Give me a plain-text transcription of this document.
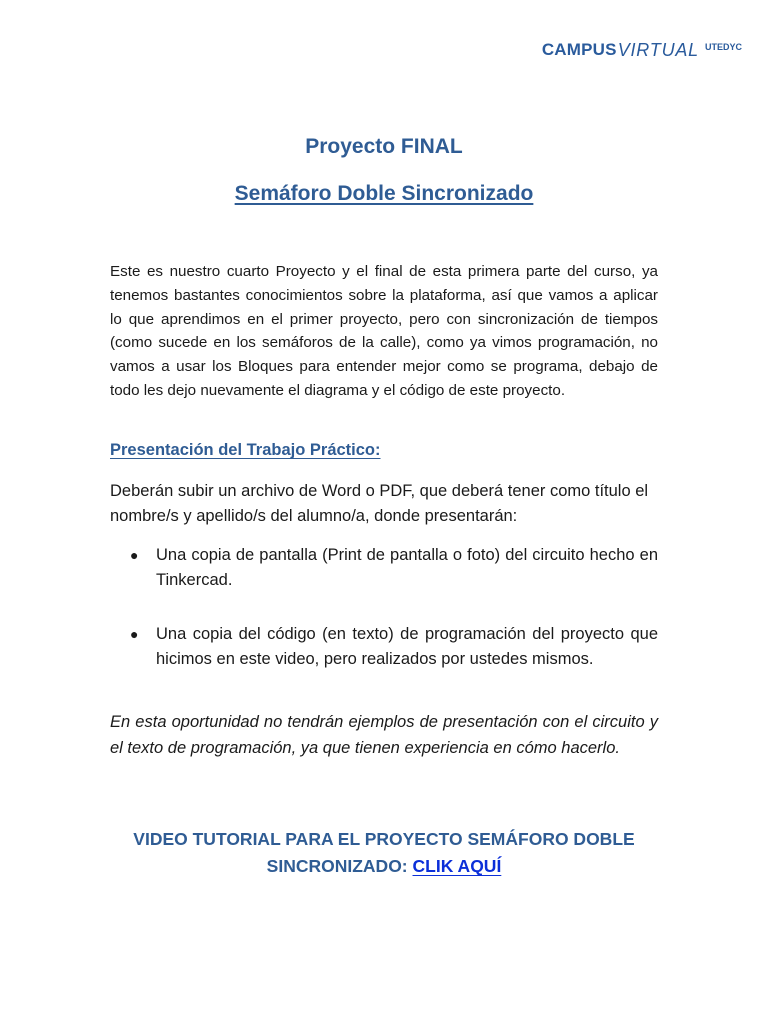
CAMPUS VIRTUAL UTEDYC
Proyecto FINAL
Semáforo Doble Sincronizado

Este es nuestro cuarto Proyecto y el final de esta primera parte del curso, ya tenemos bastantes conocimientos sobre la plataforma, así que vamos a aplicar lo que aprendimos en el primer proyecto, pero con sincronización de tiempos (como sucede en los semáforos de la calle), como ya vimos programación, no vamos a usar los Bloques para entender mejor como se programa, debajo de todo les dejo nuevamente el diagrama y el código de este proyecto.

Presentación del Trabajo Práctico:

Deberán subir un archivo de Word o PDF, que deberá tener como título el nombre/s y apellido/s del alumno/a, donde presentarán:

●	Una copia de pantalla (Print de pantalla o foto) del circuito hecho en Tinkercad.
●	Una copia del código (en texto) de programación del proyecto que hicimos en este video, pero realizados por ustedes mismos.

En esta oportunidad no tendrán ejemplos de presentación con el circuito y el texto de programación, ya que tienen experiencia en cómo hacerlo.

VIDEO TUTORIAL PARA EL PROYECTO SEMÁFORO DOBLE
SINCRONIZADO: CLIK AQUÍ
